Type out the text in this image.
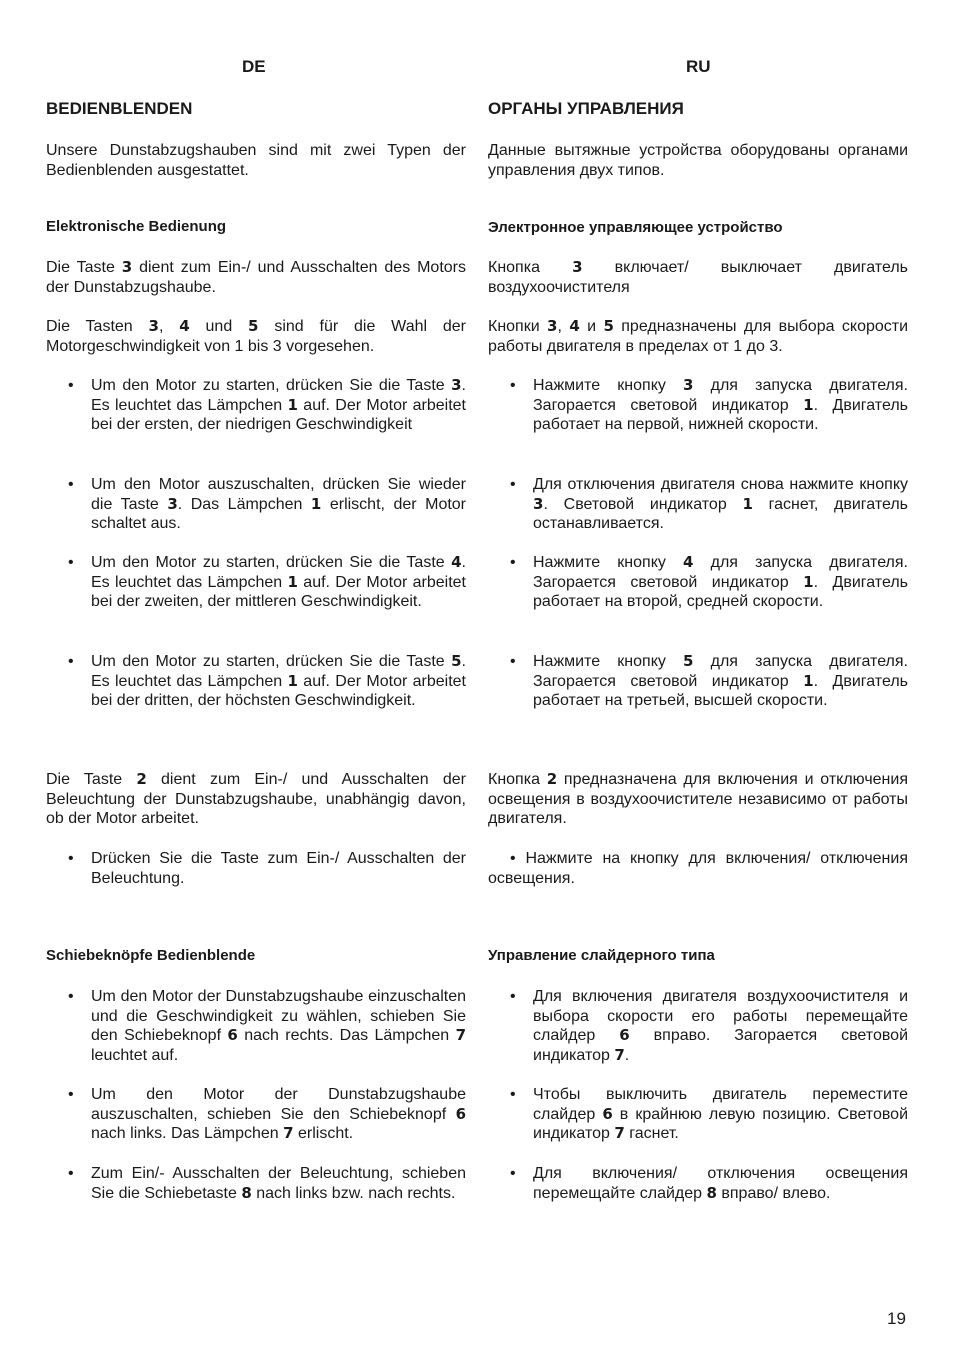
DE
BEDIENBLENDEN

Unsere Dunstabzugshauben sind mit zwei Typen der Bedienblenden ausgestattet.

Elektronische Bedienung

Die Taste 3 dient zum Ein-/ und Ausschalten des Motors der Dunstabzugshaube.

Die Tasten 3, 4 und 5 sind für die Wahl der Motorgeschwindigkeit von 1 bis 3 vorgesehen.

• Um den Motor zu starten, drücken Sie die Taste 3. Es leuchtet das Lämpchen 1 auf. Der Motor arbeitet bei der ersten, der niedrigen Geschwindigkeit
• Um den Motor auszuschalten, drücken Sie wieder die Taste 3. Das Lämpchen 1 erlischt, der Motor schaltet aus.
• Um den Motor zu starten, drücken Sie die Taste 4. Es leuchtet das Lämpchen 1 auf. Der Motor arbeitet bei der zweiten, der mittleren Geschwindigkeit.
• Um den Motor zu starten, drücken Sie die Taste 5. Es leuchtet das Lämpchen 1 auf. Der Motor arbeitet bei der dritten, der höchsten Geschwindigkeit.

Die Taste 2 dient zum Ein-/ und Ausschalten der Beleuchtung der Dunstabzugshaube, unabhängig davon, ob der Motor arbeitet.

• Drücken Sie die Taste zum Ein-/ Ausschalten der Beleuchtung.
Schiebeknöpfe Bedienblende
• Um den Motor der Dunstabzugshaube einzuschalten und die Geschwindigkeit zu wählen, schieben Sie den Schiebeknopf 6 nach rechts. Das Lämpchen 7 leuchtet auf.
• Um den Motor der Dunstabzugshaube auszuschalten, schieben Sie den Schiebeknopf 6 nach links. Das Lämpchen 7 erlischt.
• Zum Ein/- Ausschalten der Beleuchtung, schieben Sie die Schiebetaste 8 nach links bzw. nach rechts.
RU
ОРГАНЫ УПРАВЛЕНИЯ

Данные вытяжные устройства оборудованы органами управления двух типов.

Электронное управляющее устройство

Кнопка 3 включает/ выключает двигатель воздухоочистителя

Кнопки 3, 4 и 5 предназначены для выбора скорости работы двигателя в пределах от 1 до 3.

• Нажмите кнопку 3 для запуска двигателя. Загорается световой индикатор 1. Двигатель работает на первой, нижней скорости.
• Для отключения двигателя снова нажмите кнопку 3. Световой индикатор 1 гаснет, двигатель останавливается.
• Нажмите кнопку 4 для запуска двигателя. Загорается световой индикатор 1. Двигатель работает на второй, средней скорости.
• Нажмите кнопку 5 для запуска двигателя. Загорается световой индикатор 1. Двигатель работает на третьей, высшей скорости.

Кнопка 2 предназначена для включения и отключения освещения в воздухоочистителе независимо от работы двигателя.

• Нажмите на кнопку для включения/ отключения освещения.

Управление слайдерного типа
• Для включения двигателя воздухоочистителя и выбора скорости его работы перемещайте слайдер 6 вправо. Загорается световой индикатор 7.
• Чтобы выключить двигатель переместите слайдер 6 в крайнюю левую позицию. Световой индикатор 7 гаснет.
• Для включения/ отключения освещения перемещайте слайдер 8 вправо/ влево.
19
